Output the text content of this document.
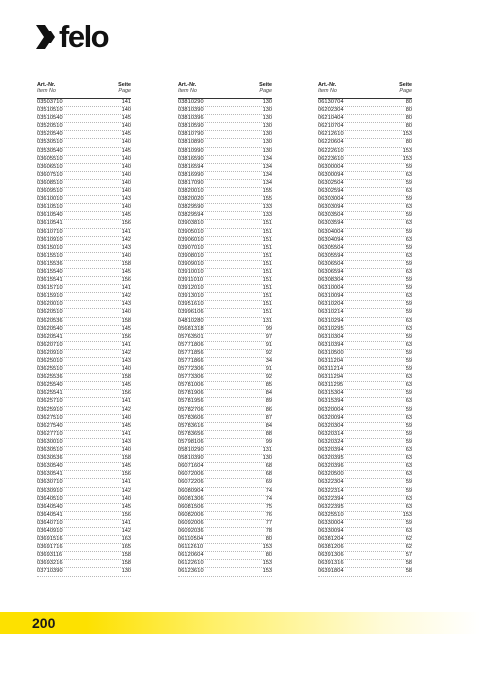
felo
Art.-Nr.
Item No
Seite
Page
03503710	141
03510510	140
03510540	145
03520510	140
03520540	145
03530510	140
03530540	145
03605510	140
03606510	140
03607510	140
03608510	140
03609510	140
03610010	143
03610510	140
03610540	145
03610541	156
03610710	141
03610910	142
03615010	143
03615510	140
03615536	158
03615540	145
03615541	156
03615710	141
03615910	142
03620010	143
03620510	140
03620536	158
03620540	145
03620541	156
03620710	141
03620910	142
03625010	143
03625510	140
03625536	158
03625540	145
03625541	156
03625710	141
03625910	142
03627510	140
03627540	145
03627710	141
03630010	143
03630510	140
03630536	158
03630540	145
03630541	156
03630710	141
03630910	142
03640510	140
03640540	145
03640541	156
03640710	141
03640910	142
03691516	163
03691716	165
03693116	158
03693216	158
03710390	130
Art.-Nr.
Item No
Seite
Page
03810290	130
03810390	130
03810396	130
03810590	130
03810790	130
03810890	130
03810990	130
03816590	134
03816594	134
03816990	134
03817090	134
03820010	155
03820020	155
03829590	133
03829594	133
03903810	151
03905010	151
03906010	151
03907010	151
03908010	151
03909010	151
03910010	151
03911010	151
03912010	151
03913010	151
03951610	151
03996106	151
04810280	131
05681318	99
05763501	97
05771806	91
05771856	92
05771866	34
05772306	91
05773306	92
05781006	85
05781906	84
05781956	89
05782706	86
05783606	87
05783616	84
05783656	88
05798106	99
05810290	131
05810390	130
06071604	68
06072006	68
06072206	69
06080904	74
06081306	74
06081506	75
06082006	76
06092006	77
06092036	78
06110504	80
06112610	153
06120604	80
06122610	153
06123610	153
Art.-Nr.
Item No
Seite
Page
06130704	80
06202304	80
06210404	80
06210704	80
06212610	153
06220604	80
06222610	153
06223610	153
06300004	59
06300094	63
06302504	59
06302594	63
06303004	59
06303094	63
06303504	59
06303594	63
06304004	59
06304094	63
06305504	59
06305594	63
06306504	59
06306594	63
06308304	59
06310004	59
06310094	63
06310204	59
06310214	59
06310294	63
06310295	63
06310304	59
06310394	63
06310500	59
06311204	59
06311214	59
06311294	63
06311295	63
06315304	59
06315394	63
06320004	59
06320094	63
06320304	59
06320314	59
06320324	59
06320394	63
06320395	63
06320396	63
06320500	63
06322304	59
06322314	59
06322394	63
06322395	63
06325510	153
06330004	59
06330094	63
06381204	62
06381206	62
06391306	57
06391316	58
06391804	58
200
